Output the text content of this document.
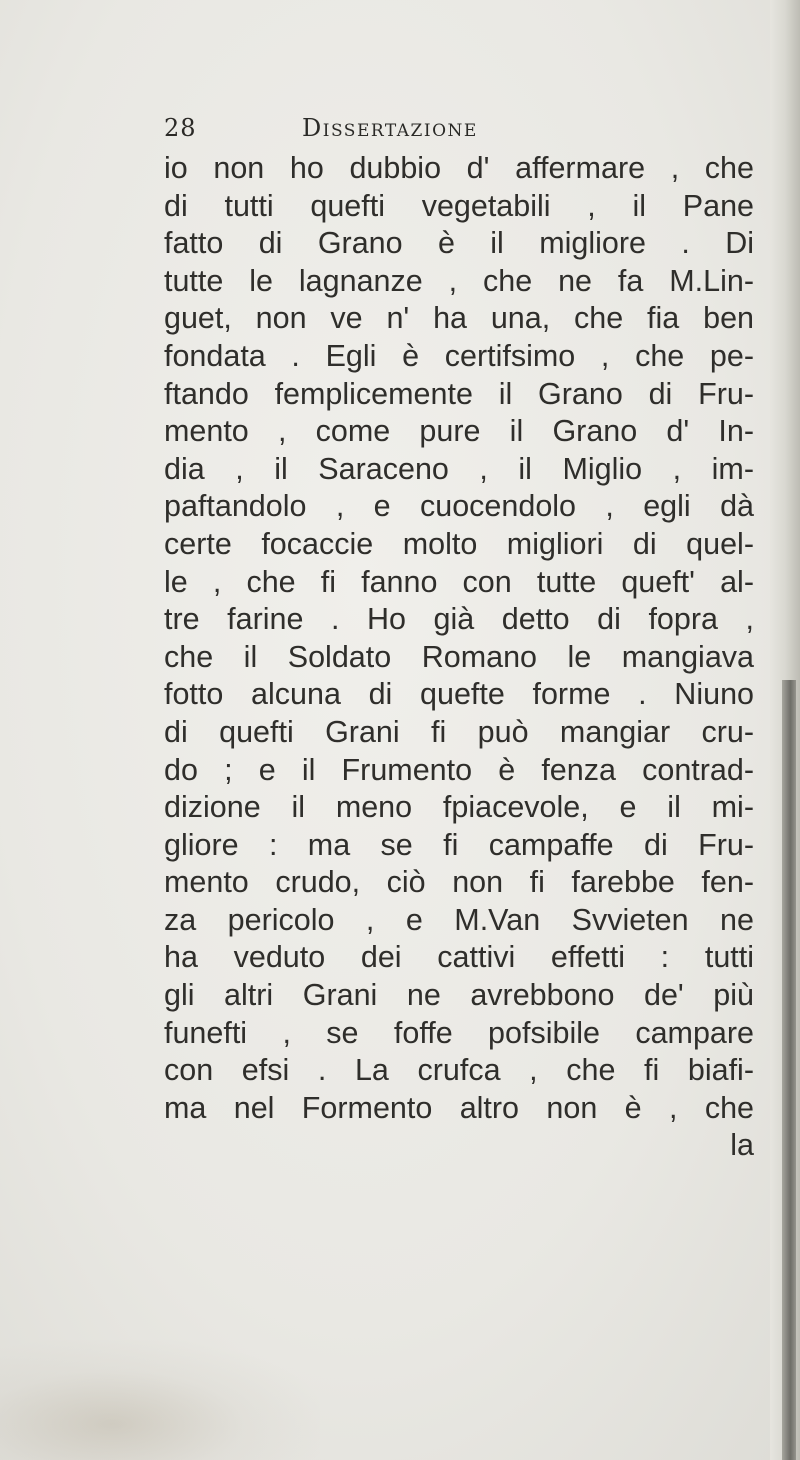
28	Dissertazione
io non ho dubbio d' affermare , che
di tutti quefti vegetabili , il Pane
fatto di Grano è il migliore . Di
tutte le lagnanze , che ne fa M.Lin-
guet, non ve n' ha una, che fia ben
fondata . Egli è certifsimo , che pe-
ftando femplicemente il Grano di Fru-
mento , come pure il Grano d' In-
dia , il Saraceno , il Miglio , im-
paftandolo , e cuocendolo , egli dà
certe focaccie molto migliori di quel-
le , che fi fanno con tutte queft' al-
tre farine . Ho già detto di fopra ,
che il Soldato Romano le mangiava
fotto alcuna di quefte forme . Niuno
di quefti Grani fi può mangiar cru-
do ; e il Frumento è fenza contrad-
dizione il meno fpiacevole, e il mi-
gliore : ma se fi campaffe di Fru-
mento crudo, ciò non fi farebbe fen-
za pericolo , e M.Van Svvieten ne
ha veduto dei cattivi effetti : tutti
gli altri Grani ne avrebbono de' più
funefti , se foffe pofsibile campare
con efsi . La crufca , che fi biafi-
ma nel Formento altro non è , che
la
